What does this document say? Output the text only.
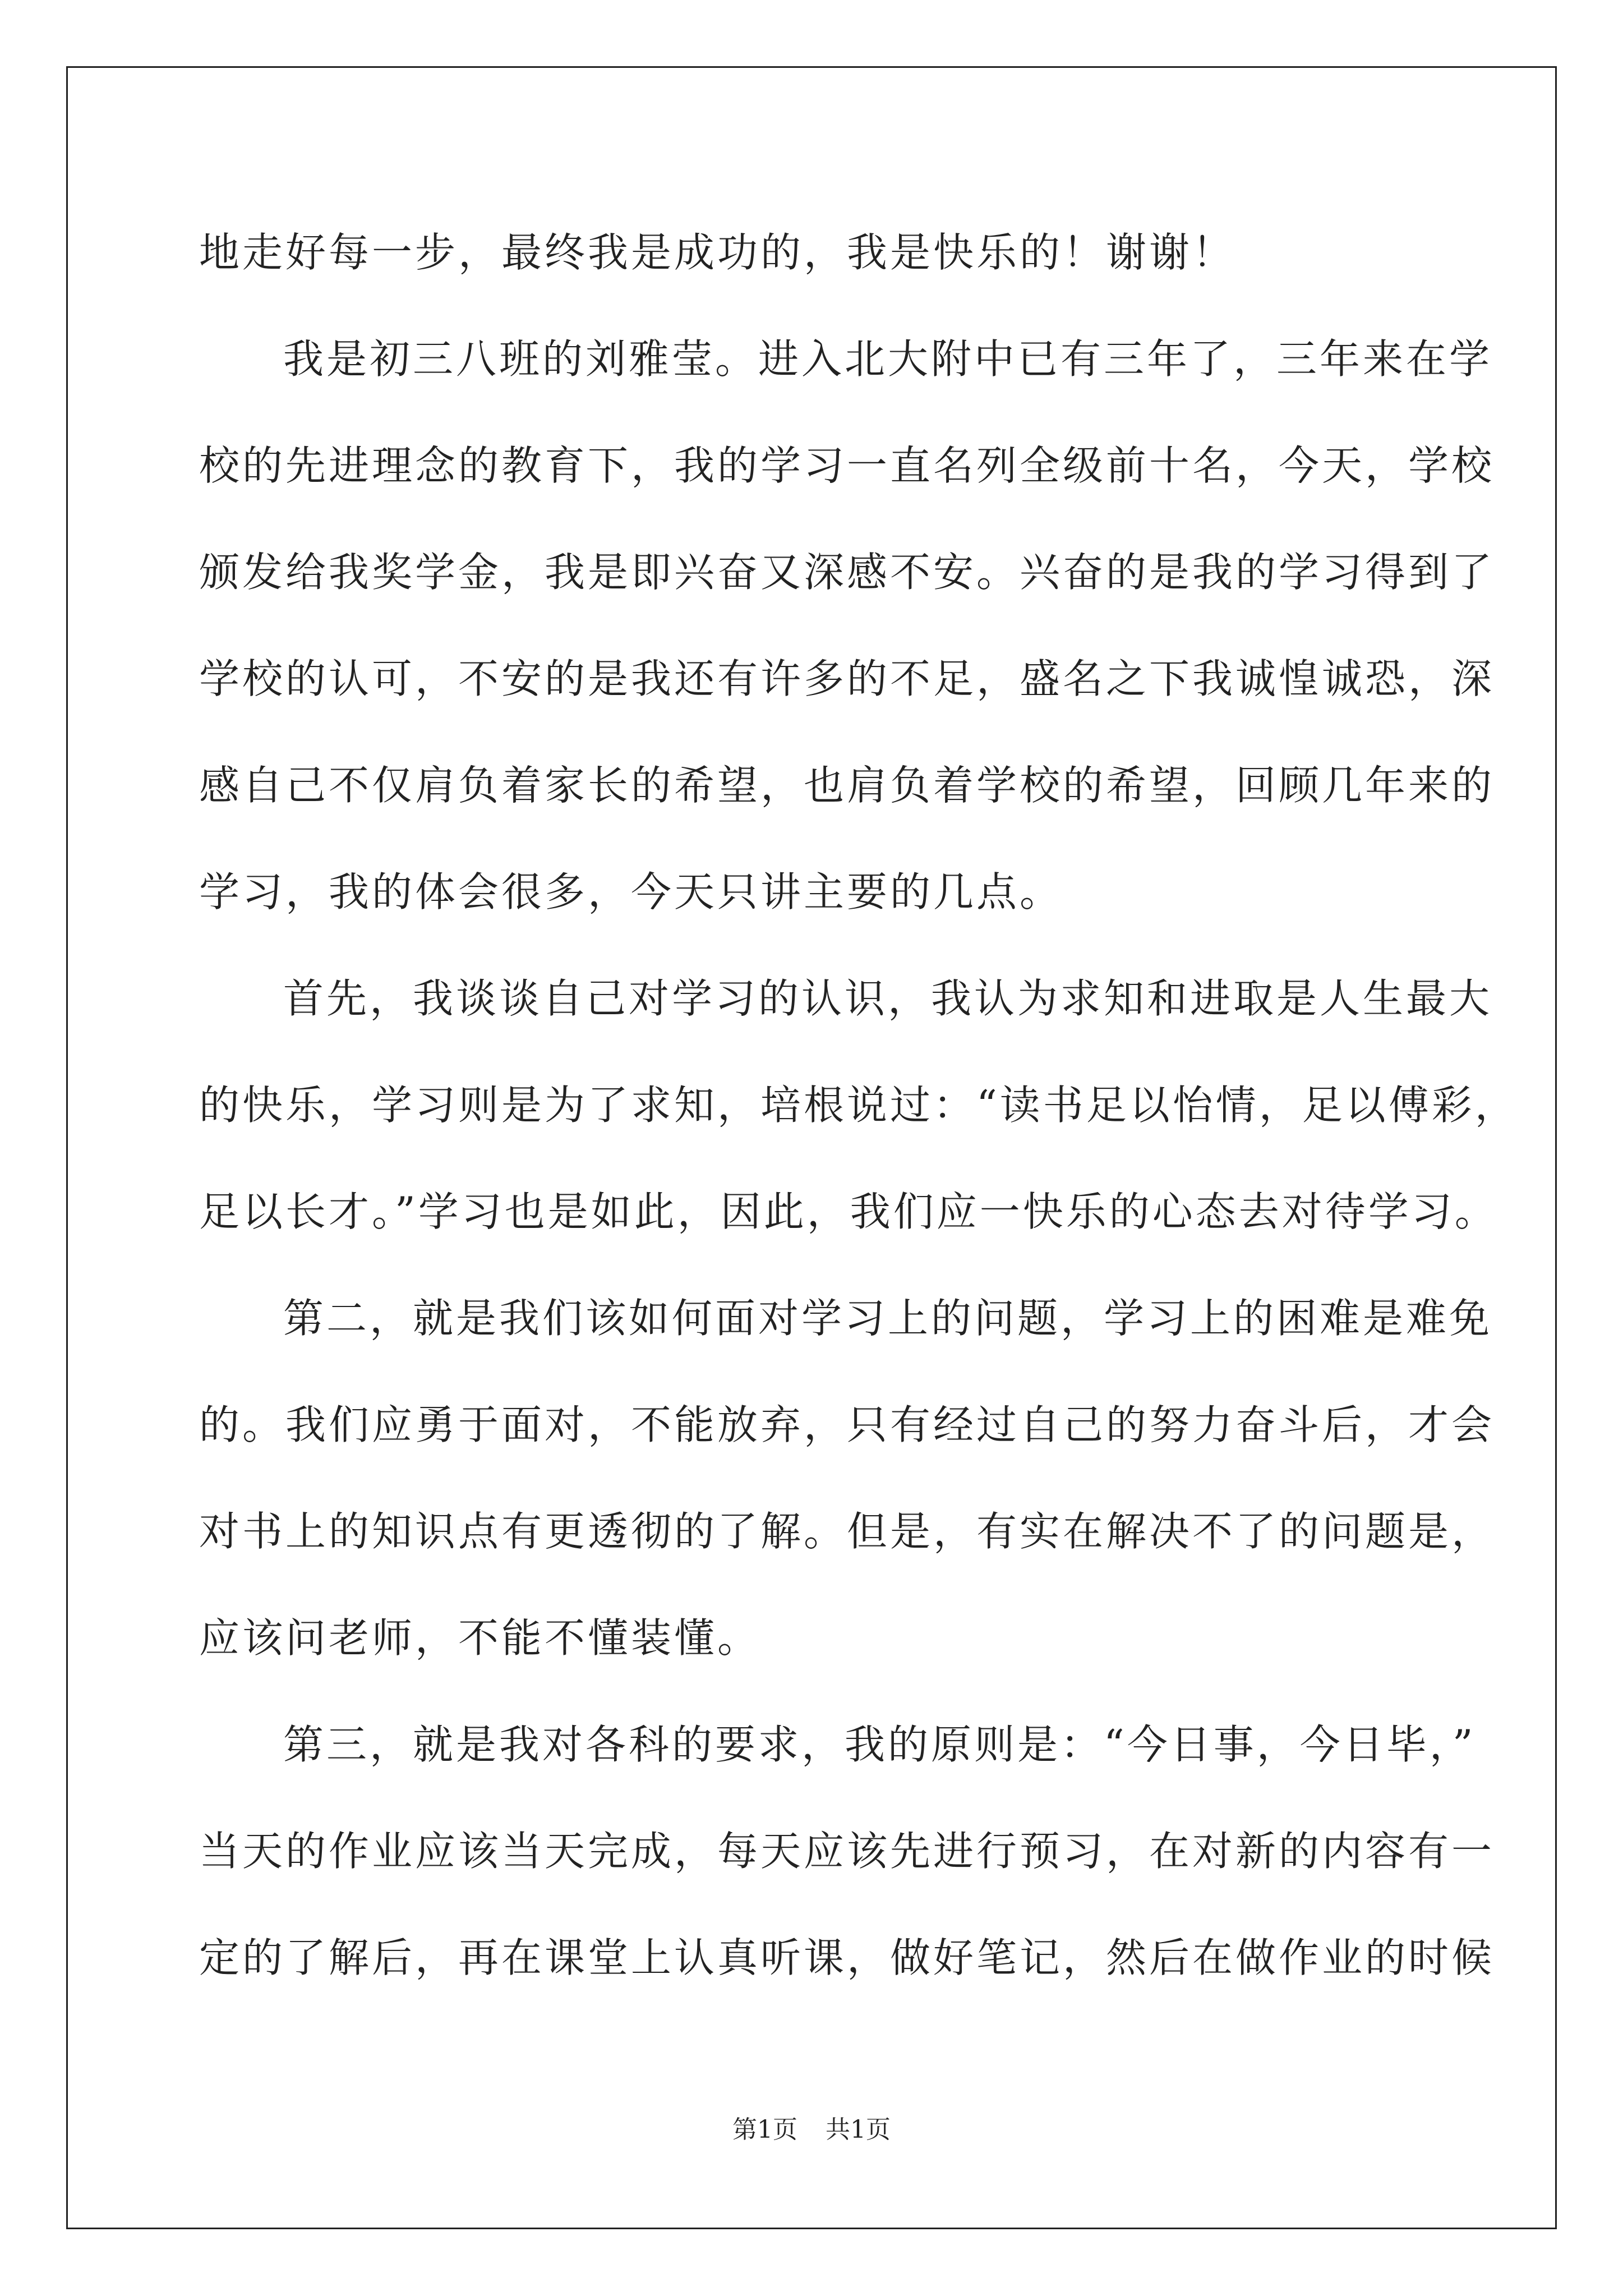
地走好每一步，最终我是成功的，我是快乐的！谢谢！
我是初三八班的刘雅莹。进入北大附中已有三年了，三年来在学
校的先进理念的教育下，我的学习一直名列全级前十名，今天，学校
颁发给我奖学金，我是即兴奋又深感不安。兴奋的是我的学习得到了
学校的认可，不安的是我还有许多的不足，盛名之下我诚惶诚恐，深
感自己不仅肩负着家长的希望，也肩负着学校的希望，回顾几年来的
学习，我的体会很多，今天只讲主要的几点。
首先，我谈谈自己对学习的认识，我认为求知和进取是人生最大
的快乐，学习则是为了求知，培根说过：“读书足以怡情，足以傅彩，
足以长才。”学习也是如此，因此，我们应一快乐的心态去对待学习。
第二，就是我们该如何面对学习上的问题，学习上的困难是难免
的。我们应勇于面对，不能放弃，只有经过自己的努力奋斗后，才会
对书上的知识点有更透彻的了解。但是，有实在解决不了的问题是，
应该问老师，不能不懂装懂。
第三，就是我对各科的要求，我的原则是：“今日事，今日毕，”
当天的作业应该当天完成，每天应该先进行预习，在对新的内容有一
定的了解后，再在课堂上认真听课，做好笔记，然后在做作业的时候
第1页 共1页
